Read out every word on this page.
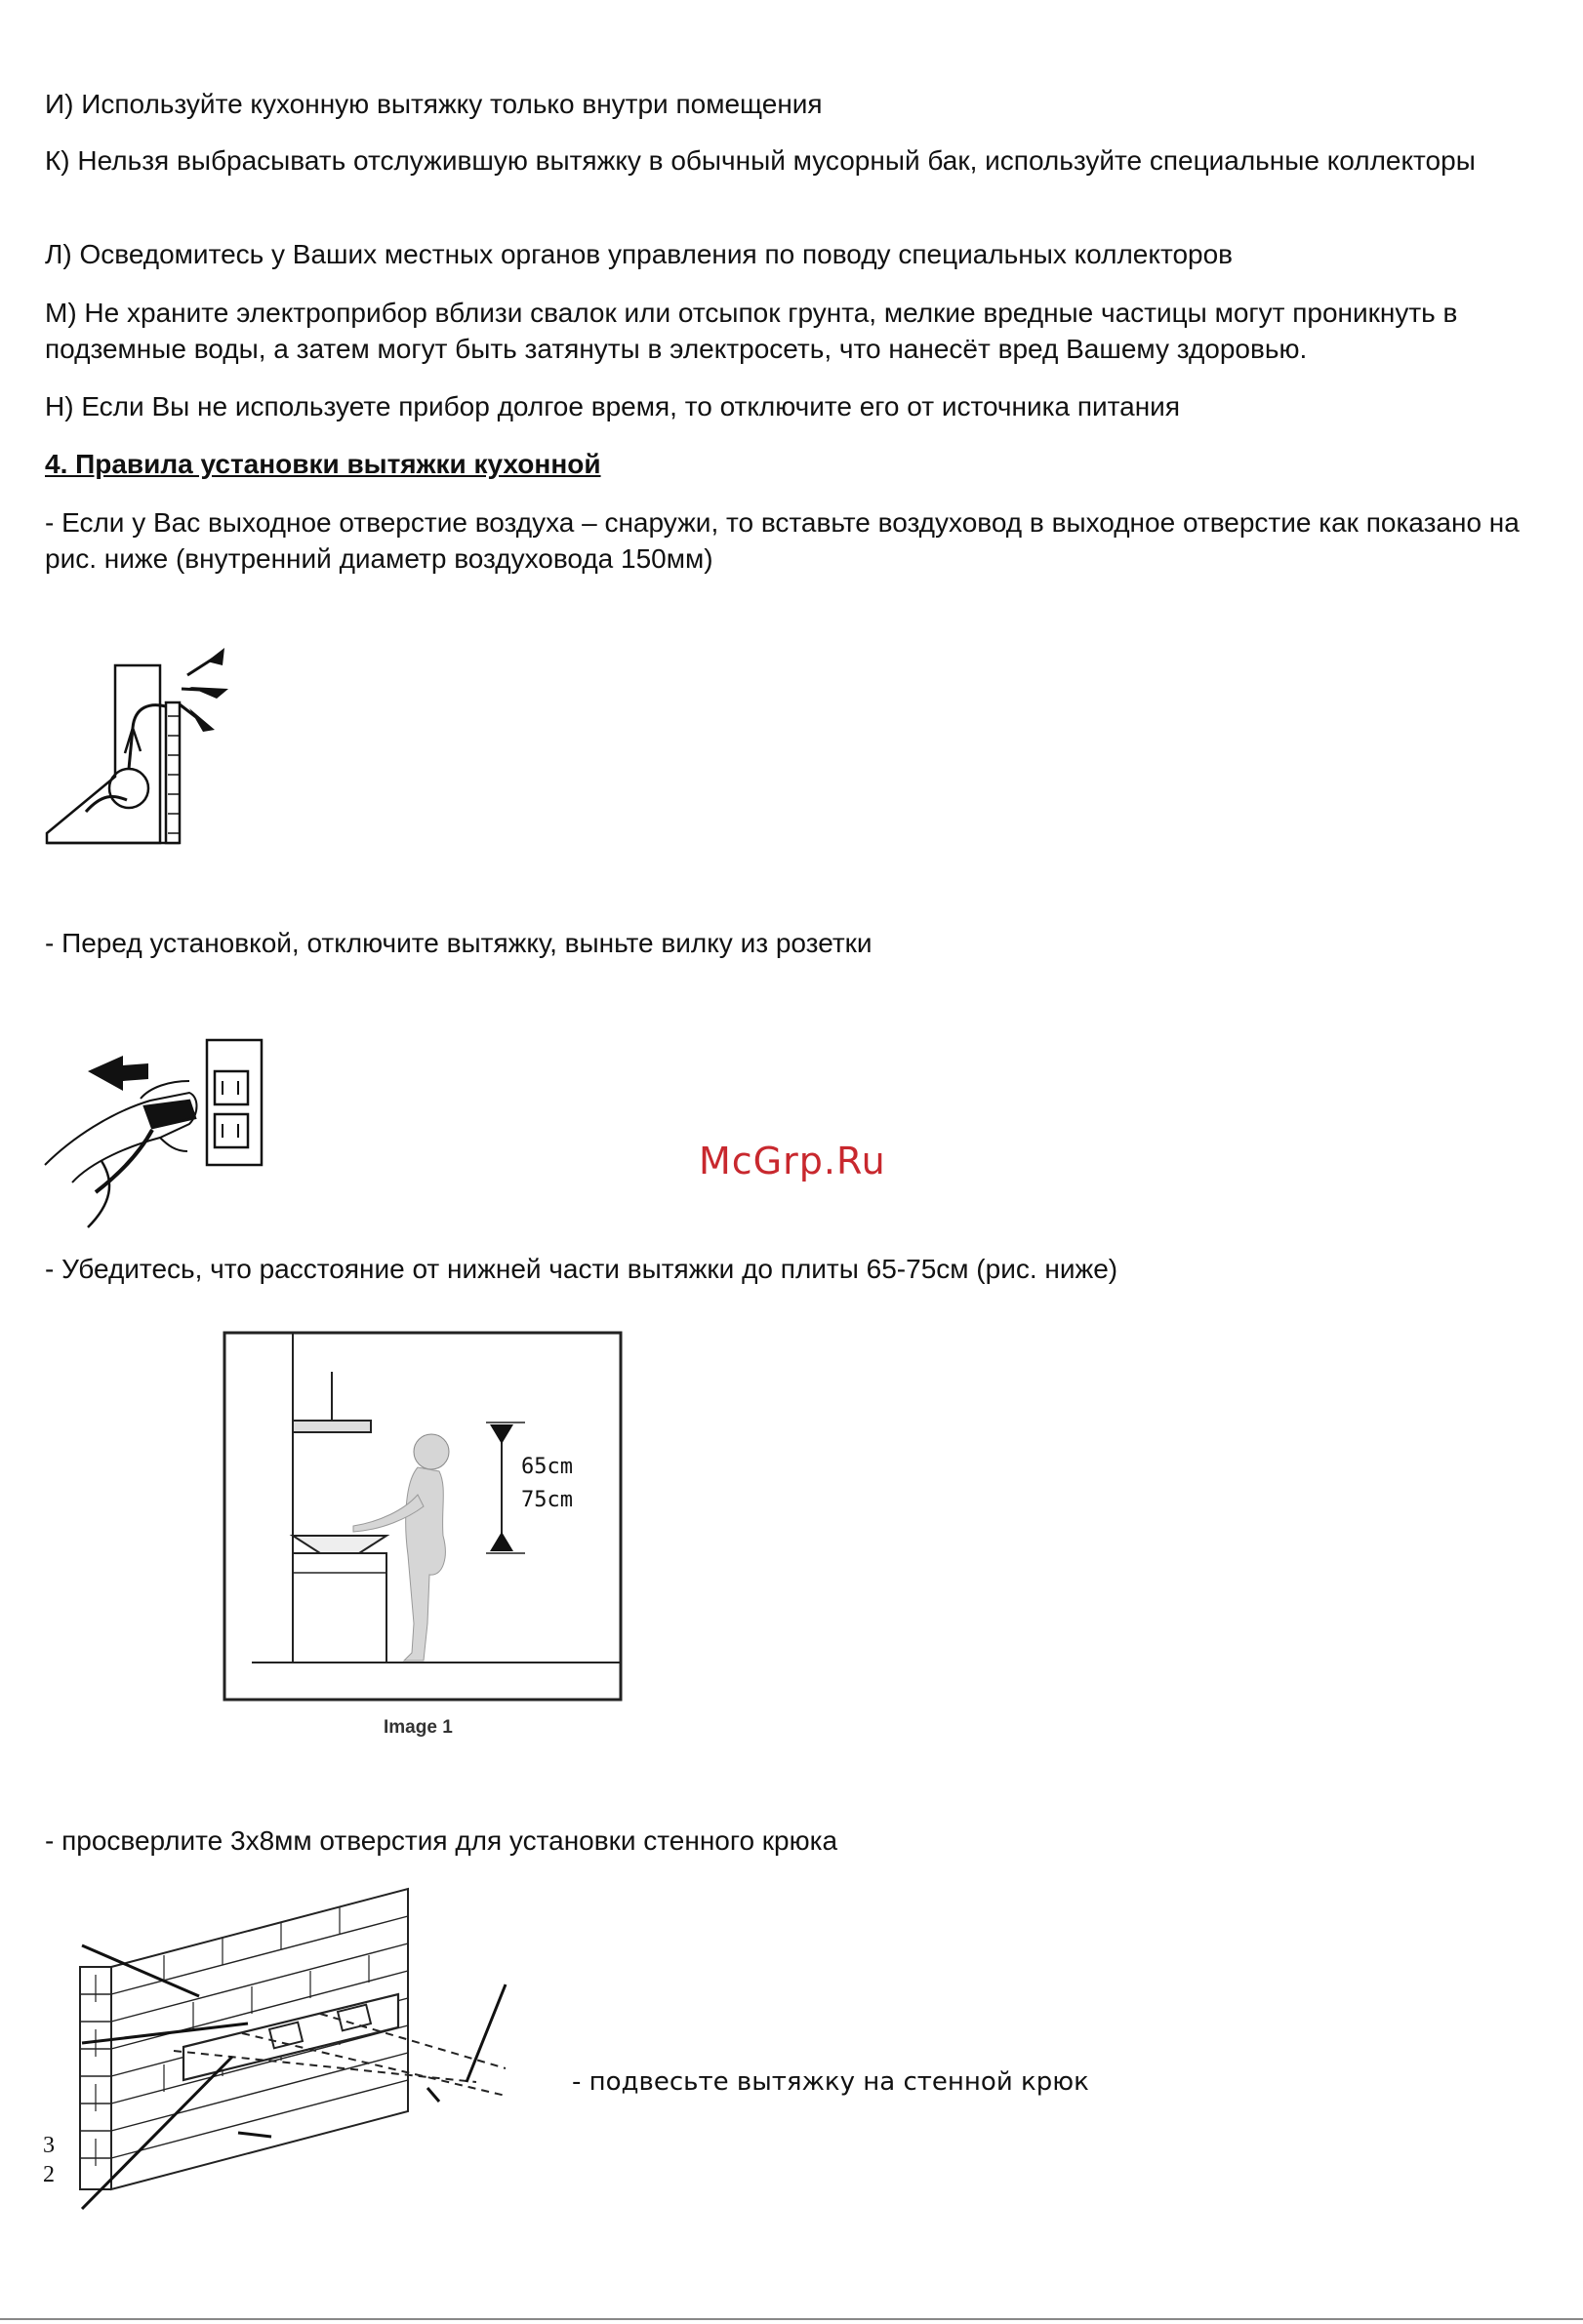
И) Используйте кухонную вытяжку только внутри помещения

К) Нельзя выбрасывать отслужившую вытяжку в обычный мусорный бак, используйте специальные коллекторы

Л) Осведомитесь у Ваших местных органов управления по поводу специальных коллекторов

М) Не храните электроприбор вблизи свалок или отсыпок грунта, мелкие вредные частицы могут проникнуть в подземные воды, а затем могут быть затянуты в электросеть, что нанесёт вред Вашему здоровью.

Н) Если Вы не используете прибор долгое время, то отключите его от источника питания

4. Правила установки вытяжки кухонной

- Если у Вас выходное отверстие воздуха – снаружи, то вставьте воздуховод в выходное отверстие как показано на рис. ниже (внутренний диаметр воздуховода 150мм)

- Перед установкой, отключите вытяжку, выньте вилку из розетки

McGrp.Ru

- Убедитесь, что расстояние от нижней части вытяжки до плиты 65-75см (рис. ниже)

65cm
75cm
Image 1

- просверлите 3х8мм отверстия для установки стенного крюка

- подвесьте вытяжку на стенной крюк
32
